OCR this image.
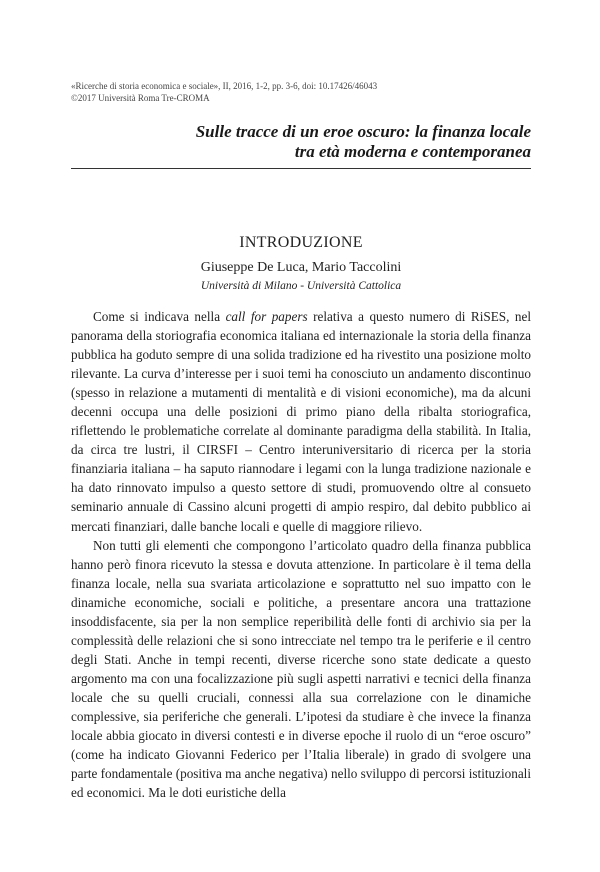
«Ricerche di storia economica e sociale», II, 2016, 1-2, pp. 3-6, doi: 10.17426/46043
©2017 Università Roma Tre-CROMA
Sulle tracce di un eroe oscuro: la finanza locale
tra età moderna e contemporanea
INTRODUZIONE
Giuseppe De Luca, Mario Taccolini
Università di Milano - Università Cattolica

Come si indicava nella call for papers relativa a questo numero di RiSES, nel panorama della storiografia economica italiana ed internazionale la storia della finanza pubblica ha goduto sempre di una solida tradizione ed ha rivestito una posizione molto rilevante. La curva d’interesse per i suoi temi ha conosciuto un andamento discontinuo (spesso in relazione a mutamenti di mentalità e di visioni economiche), ma da alcuni decenni occupa una delle posizioni di primo piano della ribalta storiografica, riflettendo le problematiche correlate al dominante paradigma della stabilità. In Italia, da circa tre lustri, il CIRSFI – Centro interuniversitario di ricerca per la storia finanziaria italiana – ha saputo riannodare i legami con la lunga tradizione nazionale e ha dato rinnovato impulso a questo settore di studi, promuovendo oltre al consueto seminario annuale di Cassino alcuni progetti di ampio respiro, dal debito pubblico ai mercati finanziari, dalle banche locali e quelle di maggiore rilievo.

Non tutti gli elementi che compongono l’articolato quadro della finanza pubblica hanno però finora ricevuto la stessa e dovuta attenzione. In particolare è il tema della finanza locale, nella sua svariata articolazione e soprattutto nel suo impatto con le dinamiche economiche, sociali e politiche, a presentare ancora una trattazione insoddisfacente, sia per la non semplice reperibilità delle fonti di archivio sia per la complessità delle relazioni che si sono intrecciate nel tempo tra le periferie e il centro degli Stati. Anche in tempi recenti, diverse ricerche sono state dedicate a questo argomento ma con una focalizzazione più sugli aspetti narrativi e tecnici della finanza locale che su quelli cruciali, connessi alla sua correlazione con le dinamiche complessive, sia periferiche che generali. L’ipotesi da studiare è che invece la finanza locale abbia giocato in diversi contesti e in diverse epoche il ruolo di un “eroe oscuro” (come ha indicato Giovanni Federico per l’Italia liberale) in grado di svolgere una parte fondamentale (positiva ma anche negativa) nello sviluppo di percorsi istituzionali ed economici. Ma le doti euristiche della
